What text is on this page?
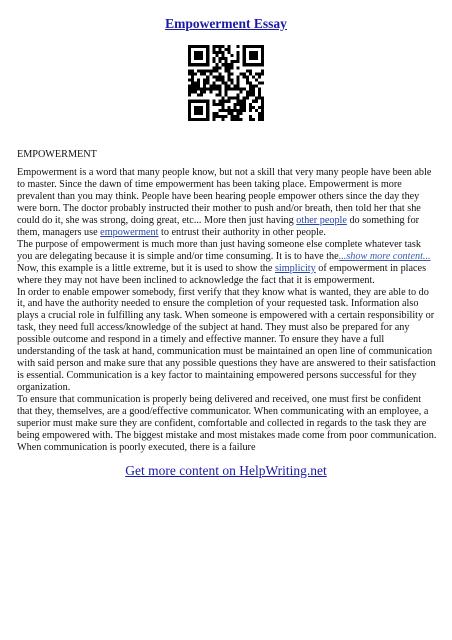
Empowerment Essay
EMPOWERMENT

Empowerment is a word that many people know, but not a skill that very many people have been able to master. Since the dawn of time empowerment has been taking place. Empowerment is more prevalent than you may think. People have been hearing people empower others since the day they were born. The doctor probably instructed their mother to push and/or breath, then told her that she could do it, she was strong, doing great, etc... More then just having other people do something for them, managers use empowerment to entrust their authority in other people.

The purpose of empowerment is much more than just having someone else complete whatever task you are delegating because it is simple and/or time consuming. It is to have the...show more content...

Now, this example is a little extreme, but it is used to show the simplicity of empowerment in places where they may not have been inclined to acknowledge the fact that it is empowerment.

In order to enable empower somebody, first verify that they know what is wanted, they are able to do it, and have the authority needed to ensure the completion of your requested task. Information also plays a crucial role in fulfilling any task. When someone is empowered with a certain responsibility or task, they need full access/knowledge of the subject at hand. They must also be prepared for any possible outcome and respond in a timely and effective manner. To ensure they have a full understanding of the task at hand, communication must be maintained an open line of communication with said person and make sure that any possible questions they have are answered to their satisfaction is essential. Communication is a key factor to maintaining empowered persons successful for they organization.

To ensure that communication is properly being delivered and received, one must first be confident that they, themselves, are a good/effective communicator. When communicating with an employee, a superior must make sure they are confident, comfortable and collected in regards to the task they are being empowered with. The biggest mistake and most mistakes made come from poor communication. When communication is poorly executed, there is a failure

Get more content on HelpWriting.net
